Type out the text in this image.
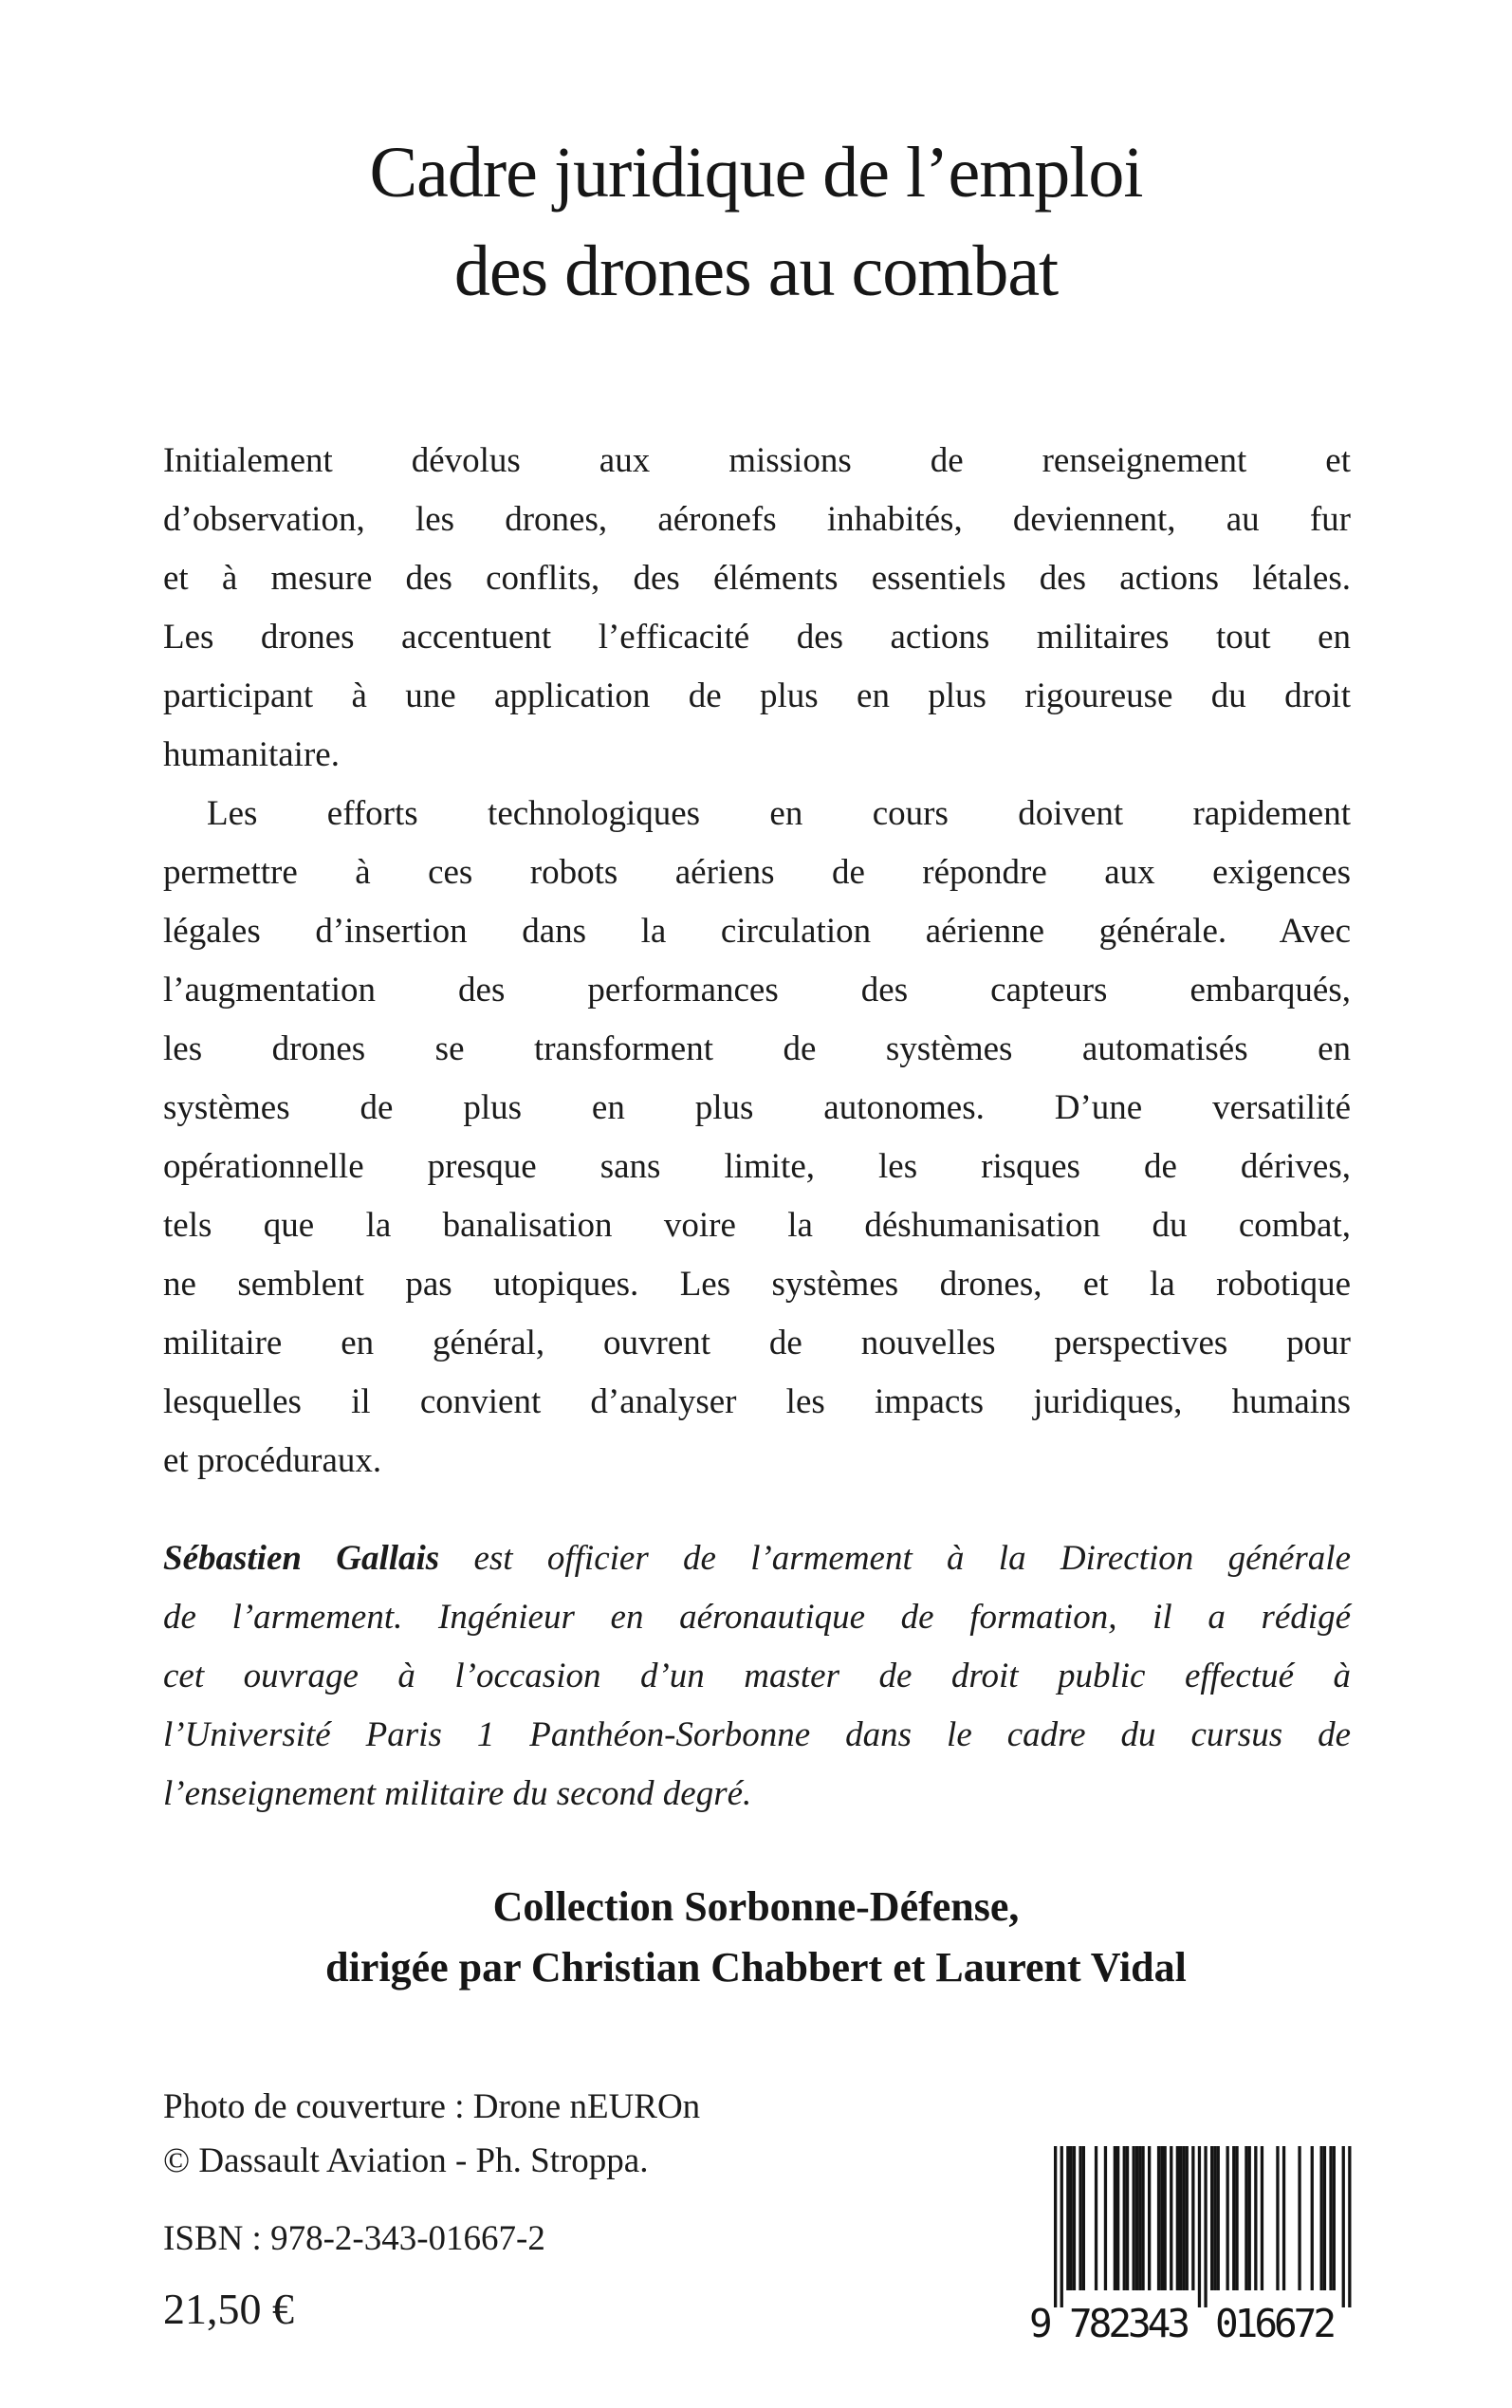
Cadre juridique de l’emploi
des drones au combat
Initialement dévolus aux missions de renseignement et
d’observation, les drones, aéronefs inhabités, deviennent, au fur
et à mesure des conflits, des éléments essentiels des actions létales.
Les drones accentuent l’efficacité des actions militaires tout en
participant à une application de plus en plus rigoureuse du droit
humanitaire.
Les efforts technologiques en cours doivent rapidement
permettre à ces robots aériens de répondre aux exigences
légales d’insertion dans la circulation aérienne générale. Avec
l’augmentation des performances des capteurs embarqués,
les drones se transforment de systèmes automatisés en
systèmes de plus en plus autonomes. D’une versatilité
opérationnelle presque sans limite, les risques de dérives,
tels que la banalisation voire la déshumanisation du combat,
ne semblent pas utopiques. Les systèmes drones, et la robotique
militaire en général, ouvrent de nouvelles perspectives pour
lesquelles il convient d’analyser les impacts juridiques, humains
et procéduraux.
Sébastien Gallais est officier de l’armement à la Direction générale
de l’armement. Ingénieur en aéronautique de formation, il a rédigé
cet ouvrage à l’occasion d’un master de droit public effectué à
l’Université Paris 1 Panthéon-Sorbonne dans le cadre du cursus de
l’enseignement militaire du second degré.
Collection Sorbonne-Défense,
dirigée par Christian Chabbert et Laurent Vidal
Photo de couverture : Drone nEUROn
© Dassault Aviation - Ph. Stroppa.
ISBN : 978-2-343-01667-2
21,50 €	9 782343 016672
